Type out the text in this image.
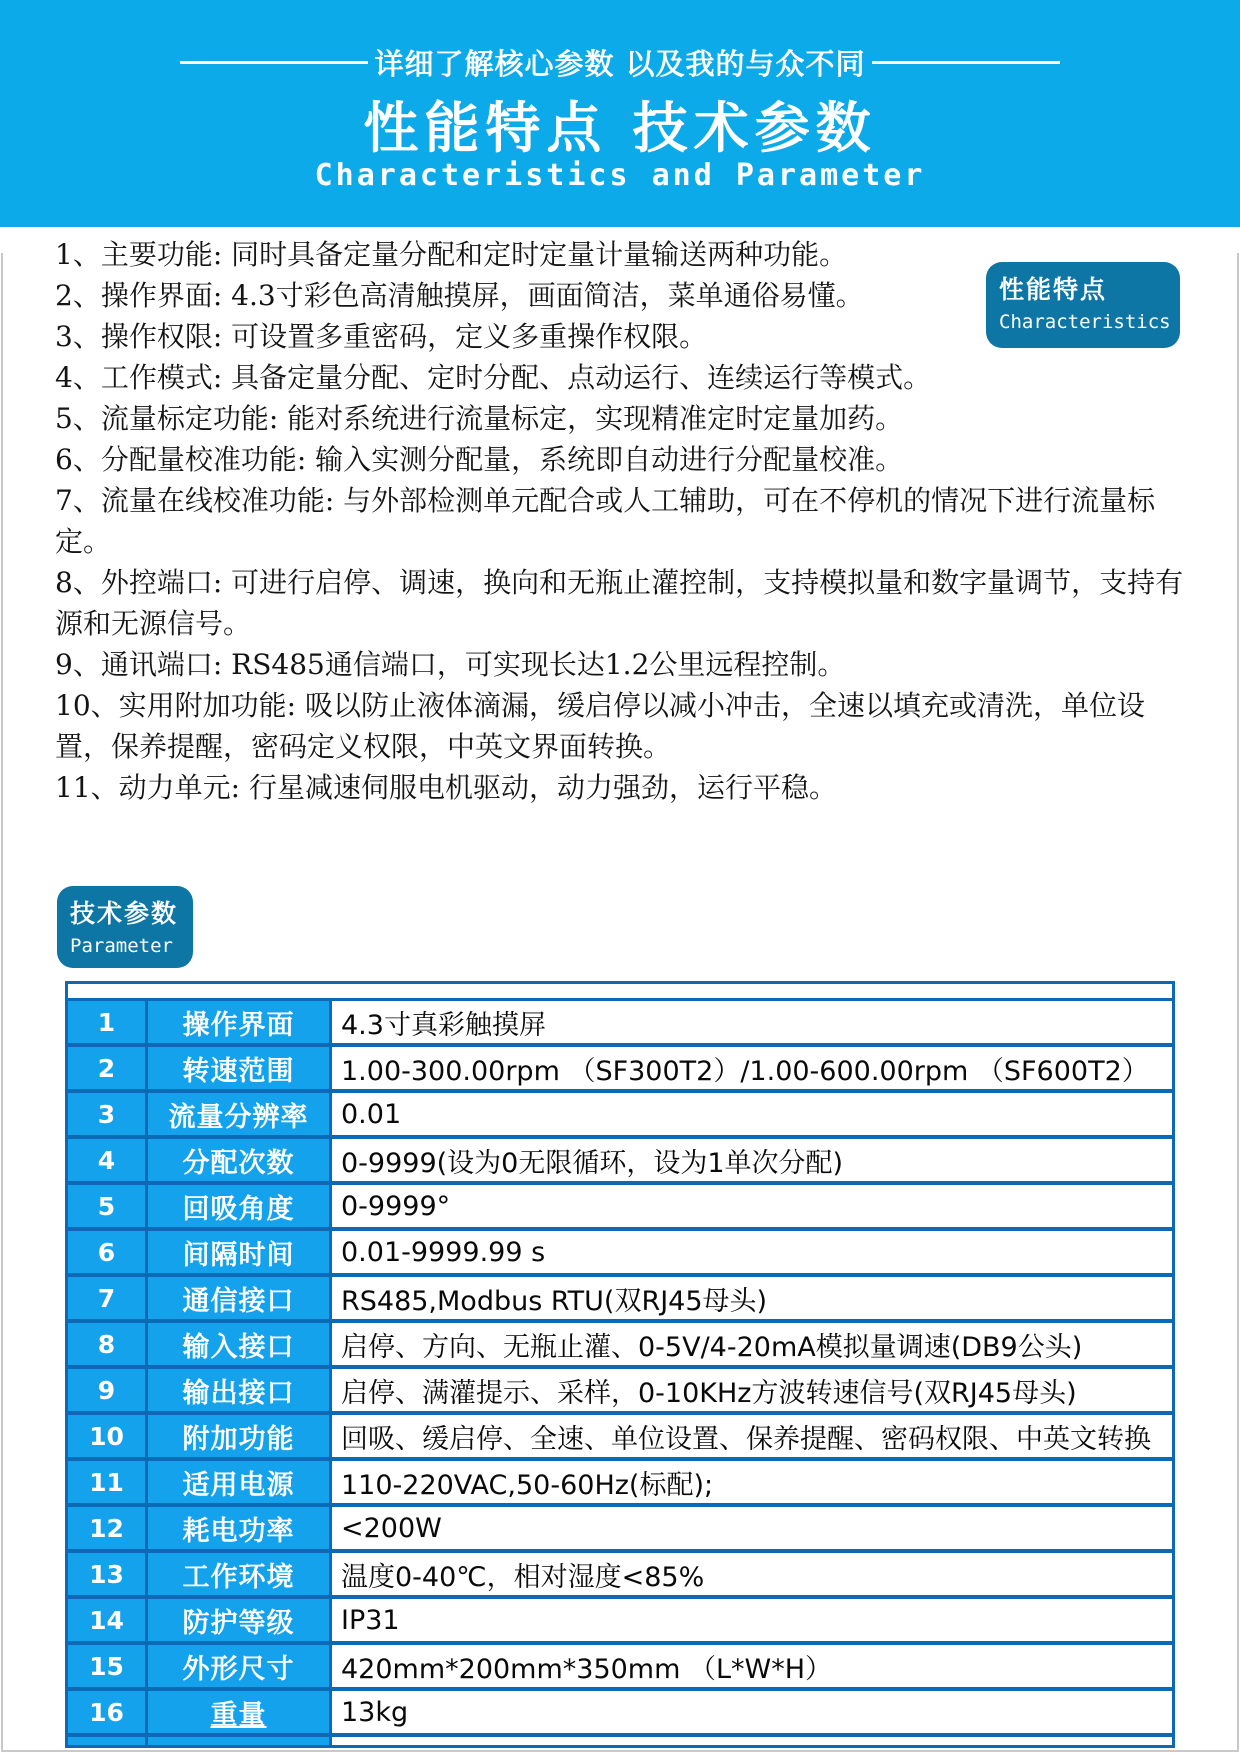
详细了解核心参数 以及我的与众不同
性能特点 技术参数
Characteristics and Parameter

1、主要功能: 同时具备定量分配和定时定量计量输送两种功能。

2、操作界面: 4.3寸彩色高清触摸屏，画面简洁，菜单通俗易懂。

3、操作权限: 可设置多重密码，定义多重操作权限。

4、工作模式: 具备定量分配、定时分配、点动运行、连续运行等模式。

5、流量标定功能: 能对系统进行流量标定，实现精准定时定量加药。

6、分配量校准功能: 输入实测分配量，系统即自动进行分配量校准。

7、流量在线校准功能: 与外部检测单元配合或人工辅助，可在不停机的情况下进行流量标定。

8、外控端口: 可进行启停、调速，换向和无瓶止灌控制，支持模拟量和数字量调节，支持有源和无源信号。

9、通讯端口: RS485通信端口，可实现长达1.2公里远程控制。

10、实用附加功能: 吸以防止液体滴漏，缓启停以减小冲击，全速以填充或清洗，单位设置，保养提醒，密码定义权限，中英文界面转换。

11、动力单元: 行星减速伺服电机驱动，动力强劲，运行平稳。

性能特点
Characteristics
技术参数
Parameter
1	操作界面	4.3寸真彩触摸屏
2	转速范围	1.00-300.00rpm （SF300T2）/1.00-600.00rpm （SF600T2）
3	流量分辨率	0.01
4	分配次数	0-9999(设为0无限循环，设为1单次分配)
5	回吸角度	0-9999°
6	间隔时间	0.01-9999.99 s
7	通信接口	RS485,Modbus RTU(双RJ45母头)
8	输入接口	启停、方向、无瓶止灌、0-5V/4-20mA模拟量调速(DB9公头)
9	输出接口	启停、满灌提示、采样，0-10KHz方波转速信号(双RJ45母头)
10	附加功能	回吸、缓启停、全速、单位设置、保养提醒、密码权限、中英文转换
11	适用电源	110-220VAC,50-60Hz(标配);
12	耗电功率	<200W
13	工作环境	温度0-40℃，相对湿度<85%
14	防护等级	IP31
15	外形尺寸	420mm*200mm*350mm （L*W*H）
16	重量	13kg
